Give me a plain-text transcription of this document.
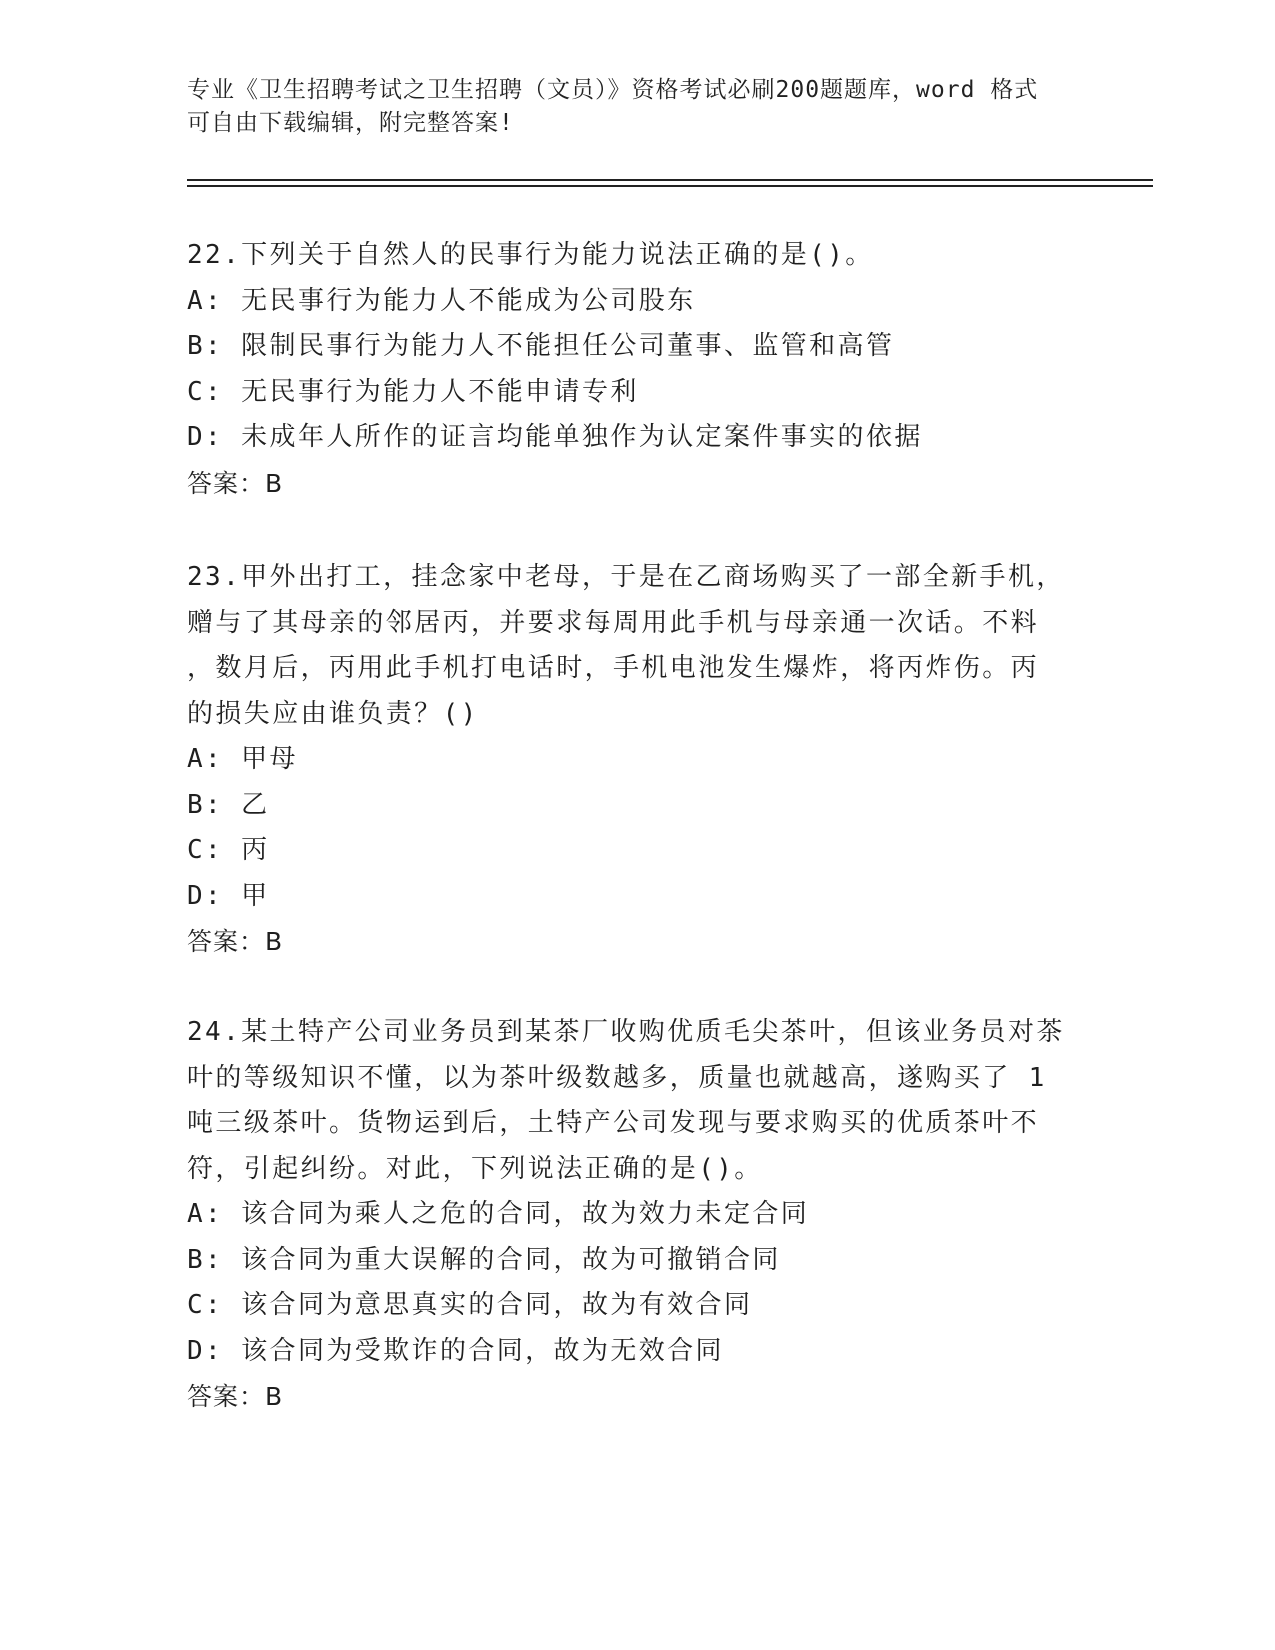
专业《卫生招聘考试之卫生招聘（文员）》资格考试必刷200题题库，word 格式
可自由下载编辑，附完整答案!
22.下列关于自然人的民事行为能力说法正确的是()。
A: 无民事行为能力人不能成为公司股东
B: 限制民事行为能力人不能担任公司董事、监管和高管
C: 无民事行为能力人不能申请专利
D: 未成年人所作的证言均能单独作为认定案件事实的依据
答案：B
23.甲外出打工，挂念家中老母，于是在乙商场购买了一部全新手机，
赠与了其母亲的邻居丙，并要求每周用此手机与母亲通一次话。不料
，数月后，丙用此手机打电话时，手机电池发生爆炸，将丙炸伤。丙
的损失应由谁负责？()
A: 甲母
B: 乙
C: 丙
D: 甲
答案：B
24.某土特产公司业务员到某茶厂收购优质毛尖茶叶，但该业务员对茶
叶的等级知识不懂，以为茶叶级数越多，质量也就越高，遂购买了 1
吨三级茶叶。货物运到后，土特产公司发现与要求购买的优质茶叶不
符，引起纠纷。对此，下列说法正确的是()。
A: 该合同为乘人之危的合同，故为效力未定合同
B: 该合同为重大误解的合同，故为可撤销合同
C: 该合同为意思真实的合同，故为有效合同
D: 该合同为受欺诈的合同，故为无效合同
答案：B
